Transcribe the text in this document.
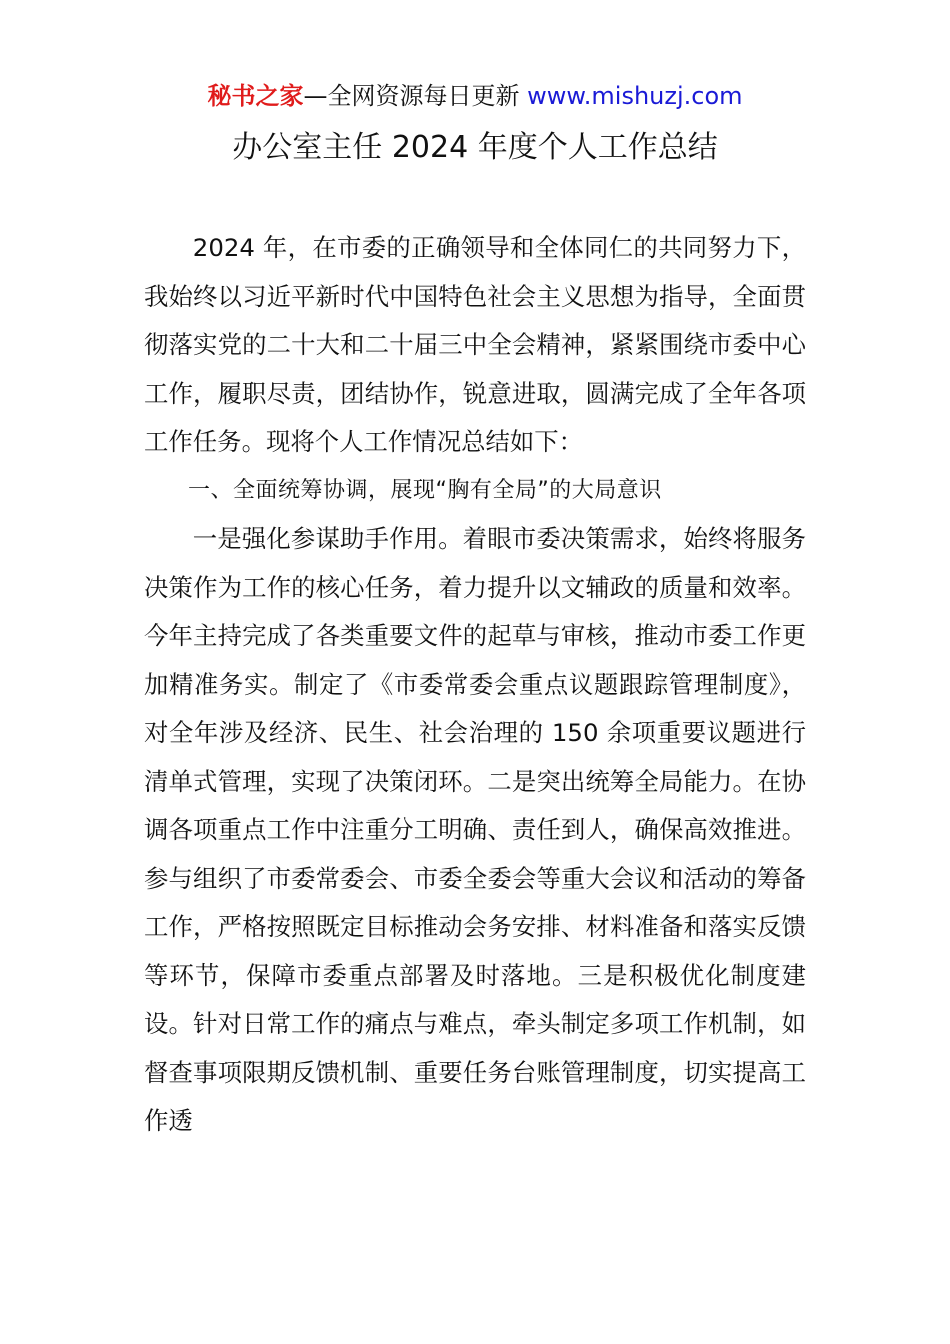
秘书之家—全网资源每日更新 www.mishuzj.com
办公室主任 2024 年度个人工作总结

2024 年，在市委的正确领导和全体同仁的共同努力下，我始终以习近平新时代中国特色社会主义思想为指导，全面贯彻落实党的二十大和二十届三中全会精神，紧紧围绕市委中心工作，履职尽责，团结协作，锐意进取，圆满完成了全年各项工作任务。现将个人工作情况总结如下：

一、全面统筹协调，展现“胸有全局”的大局意识

一是强化参谋助手作用。着眼市委决策需求，始终将服务决策作为工作的核心任务，着力提升以文辅政的质量和效率。今年主持完成了各类重要文件的起草与审核，推动市委工作更加精准务实。制定了《市委常委会重点议题跟踪管理制度》，对全年涉及经济、民生、社会治理的 150 余项重要议题进行清单式管理，实现了决策闭环。二是突出统筹全局能力。在协调各项重点工作中注重分工明确、责任到人，确保高效推进。参与组织了市委常委会、市委全委会等重大会议和活动的筹备工作，严格按照既定目标推动会务安排、材料准备和落实反馈等环节，保障市委重点部署及时落地。三是积极优化制度建设。针对日常工作的痛点与难点，牵头制定多项工作机制，如督查事项限期反馈机制、重要任务台账管理制度，切实提高工作透
